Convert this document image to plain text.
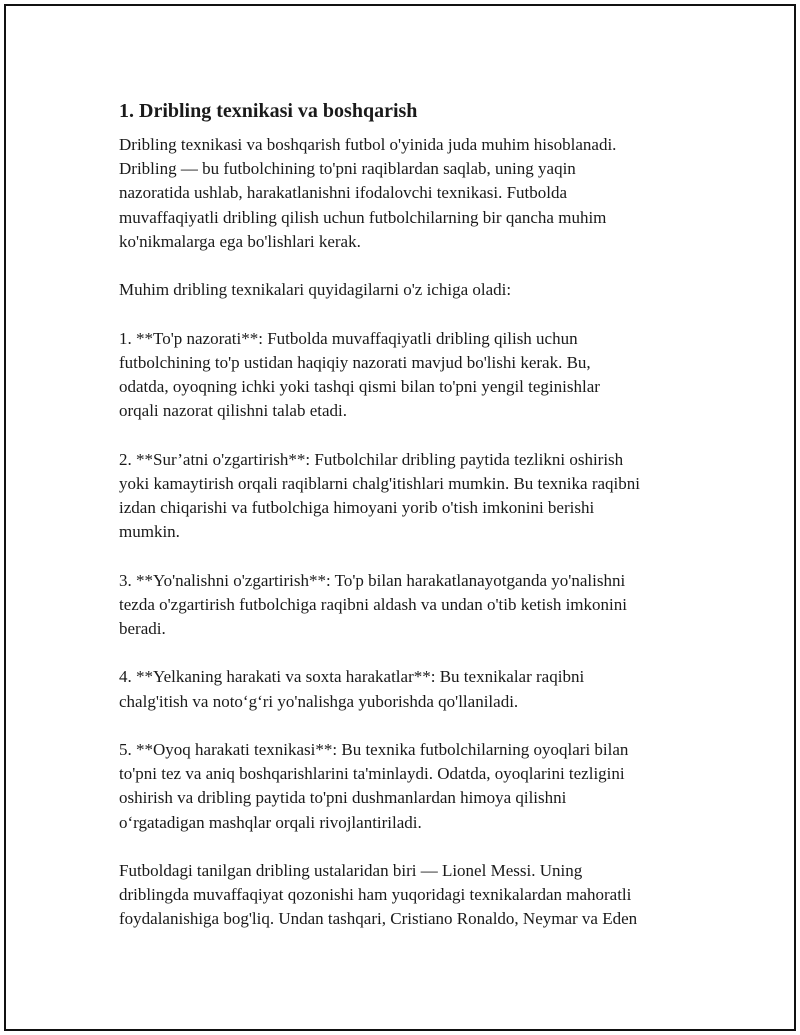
1. Dribling texnikasi va boshqarish
Dribling texnikasi va boshqarish futbol o'yinida juda muhim hisoblanadi.
Dribling — bu futbolchining to'pni raqiblardan saqlab, uning yaqin
nazoratida ushlab, harakatlanishni ifodalovchi texnikasi. Futbolda
muvaffaqiyatli dribling qilish uchun futbolchilarning bir qancha muhim
ko'nikmalarga ega bo'lishlari kerak.
Muhim dribling texnikalari quyidagilarni o'z ichiga oladi:
1. **To'p nazorati**: Futbolda muvaffaqiyatli dribling qilish uchun
futbolchining to'p ustidan haqiqiy nazorati mavjud bo'lishi kerak. Bu,
odatda, oyoqning ichki yoki tashqi qismi bilan to'pni yengil teginishlar
orqali nazorat qilishni talab etadi.
2. **Sur’atni o'zgartirish**: Futbolchilar dribling paytida tezlikni oshirish
yoki kamaytirish orqali raqiblarni chalg'itishlari mumkin. Bu texnika raqibni
izdan chiqarishi va futbolchiga himoyani yorib o'tish imkonini berishi
mumkin.
3. **Yo'nalishni o'zgartirish**: To'p bilan harakatlanayotganda yo'nalishni
tezda o'zgartirish futbolchiga raqibni aldash va undan o'tib ketish imkonini
beradi.
4. **Yelkaning harakati va soxta harakatlar**: Bu texnikalar raqibni
chalg'itish va noto‘g‘ri yo'nalishga yuborishda qo'llaniladi.
5. **Oyoq harakati texnikasi**: Bu texnika futbolchilarning oyoqlari bilan
to'pni tez va aniq boshqarishlarini ta'minlaydi. Odatda, oyoqlarini tezligini
oshirish va dribling paytida to'pni dushmanlardan himoya qilishni
o‘rgatadigan mashqlar orqali rivojlantiriladi.
Futboldagi tanilgan dribling ustalaridan biri — Lionel Messi. Uning
driblingda muvaffaqiyat qozonishi ham yuqoridagi texnikalardan mahoratli
foydalanishiga bog'liq. Undan tashqari, Cristiano Ronaldo, Neymar va Eden
